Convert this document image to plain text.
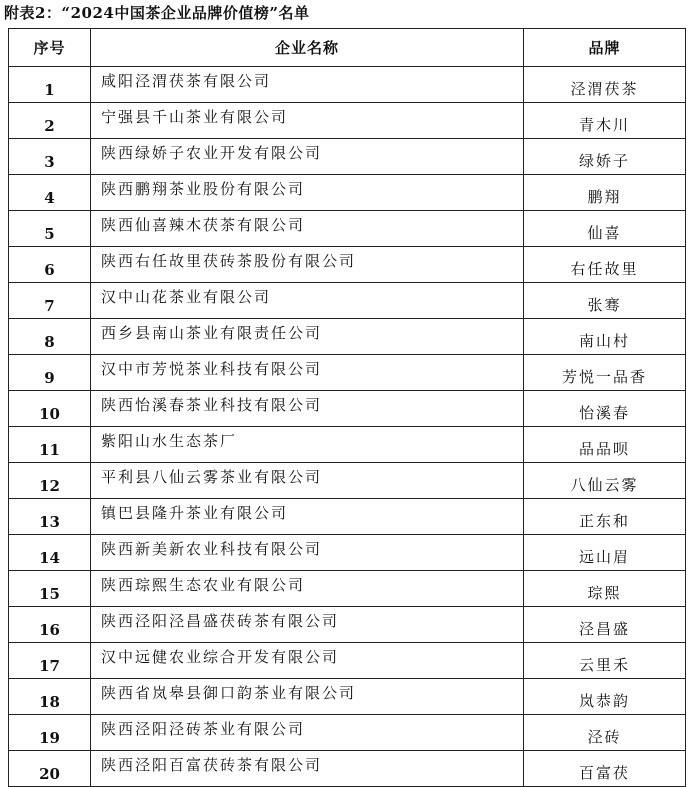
附表2：“2024中国茶企业品牌价值榜”名单
序号	企业名称	品牌
1	咸阳泾渭茯茶有限公司	泾渭茯茶
2	宁强县千山茶业有限公司	青木川
3	陕西绿娇子农业开发有限公司	绿娇子
4	陕西鹏翔茶业股份有限公司	鹏翔
5	陕西仙喜辣木茯茶有限公司	仙喜
6	陕西右任故里茯砖茶股份有限公司	右任故里
7	汉中山花茶业有限公司	张骞
8	西乡县南山茶业有限责任公司	南山村
9	汉中市芳悦茶业科技有限公司	芳悦一品香
10	陕西怡溪春茶业科技有限公司	怡溪春
11	紫阳山水生态茶厂	品品呗
12	平利县八仙云雾茶业有限公司	八仙云雾
13	镇巴县隆升茶业有限公司	正东和
14	陕西新美新农业科技有限公司	远山眉
15	陕西琮熙生态农业有限公司	琮熙
16	陕西泾阳泾昌盛茯砖茶有限公司	泾昌盛
17	汉中远健农业综合开发有限公司	云里禾
18	陕西省岚皋县御口韵茶业有限公司	岚恭韵
19	陕西泾阳泾砖茶业有限公司	泾砖
20	陕西泾阳百富茯砖茶有限公司	百富茯
